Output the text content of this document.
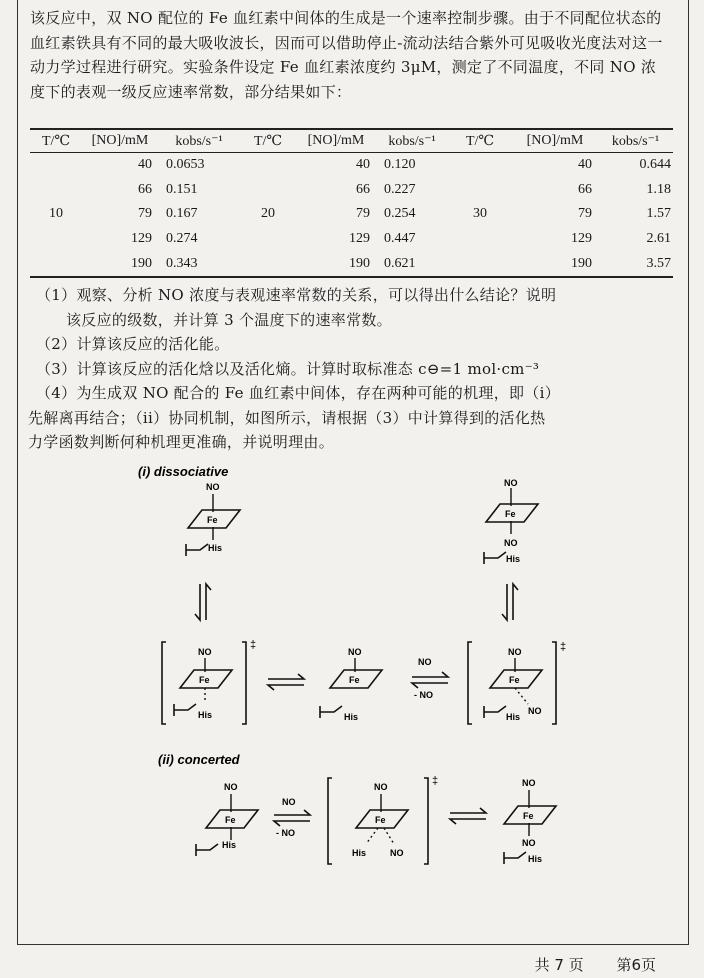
该反应中，双 NO 配位的 Fe 血红素中间体的生成是一个速率控制步骤。由于不同配位状态的血红素铁具有不同的最大吸收波长，因而可以借助停止-流动法结合紫外可见吸收光度法对这一动力学过程进行研究。实验条件设定 Fe 血红素浓度约 3μM，测定了不同温度，不同 NO 浓度下的表观一级反应速率常数，部分结果如下：

T/℃	[NO]/mM	kobs/s⁻¹	T/℃	[NO]/mM	kobs/s⁻¹	T/℃	[NO]/mM	kobs/s⁻¹
	40	0.0653		40	0.120		40	0.644
	66	0.151		66	0.227		66	1.18
10	79	0.167	20	79	0.254	30	79	1.57
	129	0.274		129	0.447		129	2.61
	190	0.343		190	0.621		190	3.57

（1）观察、分析 NO 浓度与表观速率常数的关系，可以得出什么结论？说明

该反应的级数，并计算 3 个温度下的速率常数。

（2）计算该反应的活化能。

（3）计算该反应的活化焓以及活化熵。计算时取标准态 c⊖=1 mol·cm⁻³

（4）为生成双 NO 配合的 Fe 血红素中间体，存在两种可能的机理，即（i）

先解离再结合；（ii）协同机制，如图所示，请根据（3）中计算得到的活化热

力学函数判断何种机理更准确，并说明理由。

(i) dissociative
NO
Fe
His
NO
Fe
NO
His
‡
NO
Fe
His
NO
Fe
His
NO
- NO
‡
NO
Fe
NO
His
(ii) concerted
NO
Fe
His
NO
- NO
‡
NO
Fe
His	NO
NO
Fe
NO
His
共 7 页 第6页
